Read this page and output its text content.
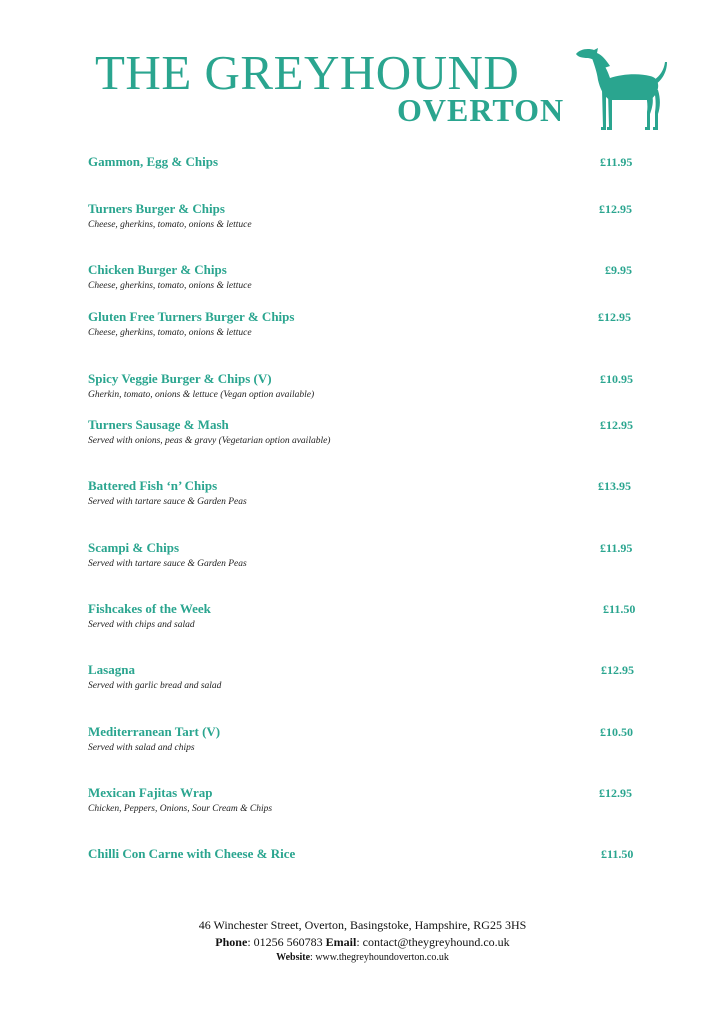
THE GREYHOUND
OVERTON
Gammon, Egg & Chips	£11.95
Turners Burger & Chips
Cheese, gherkins, tomato, onions & lettuce
£12.95
Chicken Burger & Chips
Cheese, gherkins, tomato, onions & lettuce
£9.95
Gluten Free Turners Burger & Chips
Cheese, gherkins, tomato, onions & lettuce
£12.95
Spicy Veggie Burger & Chips (V)
Gherkin, tomato, onions & lettuce (Vegan option available)
£10.95
Turners Sausage & Mash
Served with onions, peas & gravy (Vegetarian option available)
£12.95
Battered Fish ‘n’ Chips
Served with tartare sauce & Garden Peas
£13.95
Scampi & Chips
Served with tartare sauce & Garden Peas
£11.95
Fishcakes of the Week
Served with chips and salad
£11.50
Lasagna
Served with garlic bread and salad
£12.95
Mediterranean Tart (V)
Served with salad and chips
£10.50
Mexican Fajitas Wrap
Chicken, Peppers, Onions, Sour Cream & Chips
£12.95
Chilli Con Carne with Cheese & Rice	£11.50
46 Winchester Street, Overton, Basingstoke, Hampshire, RG25 3HS
Phone: 01256 560783 Email: contact@theygreyhound.co.uk
Website: www.thegreyhoundoverton.co.uk
